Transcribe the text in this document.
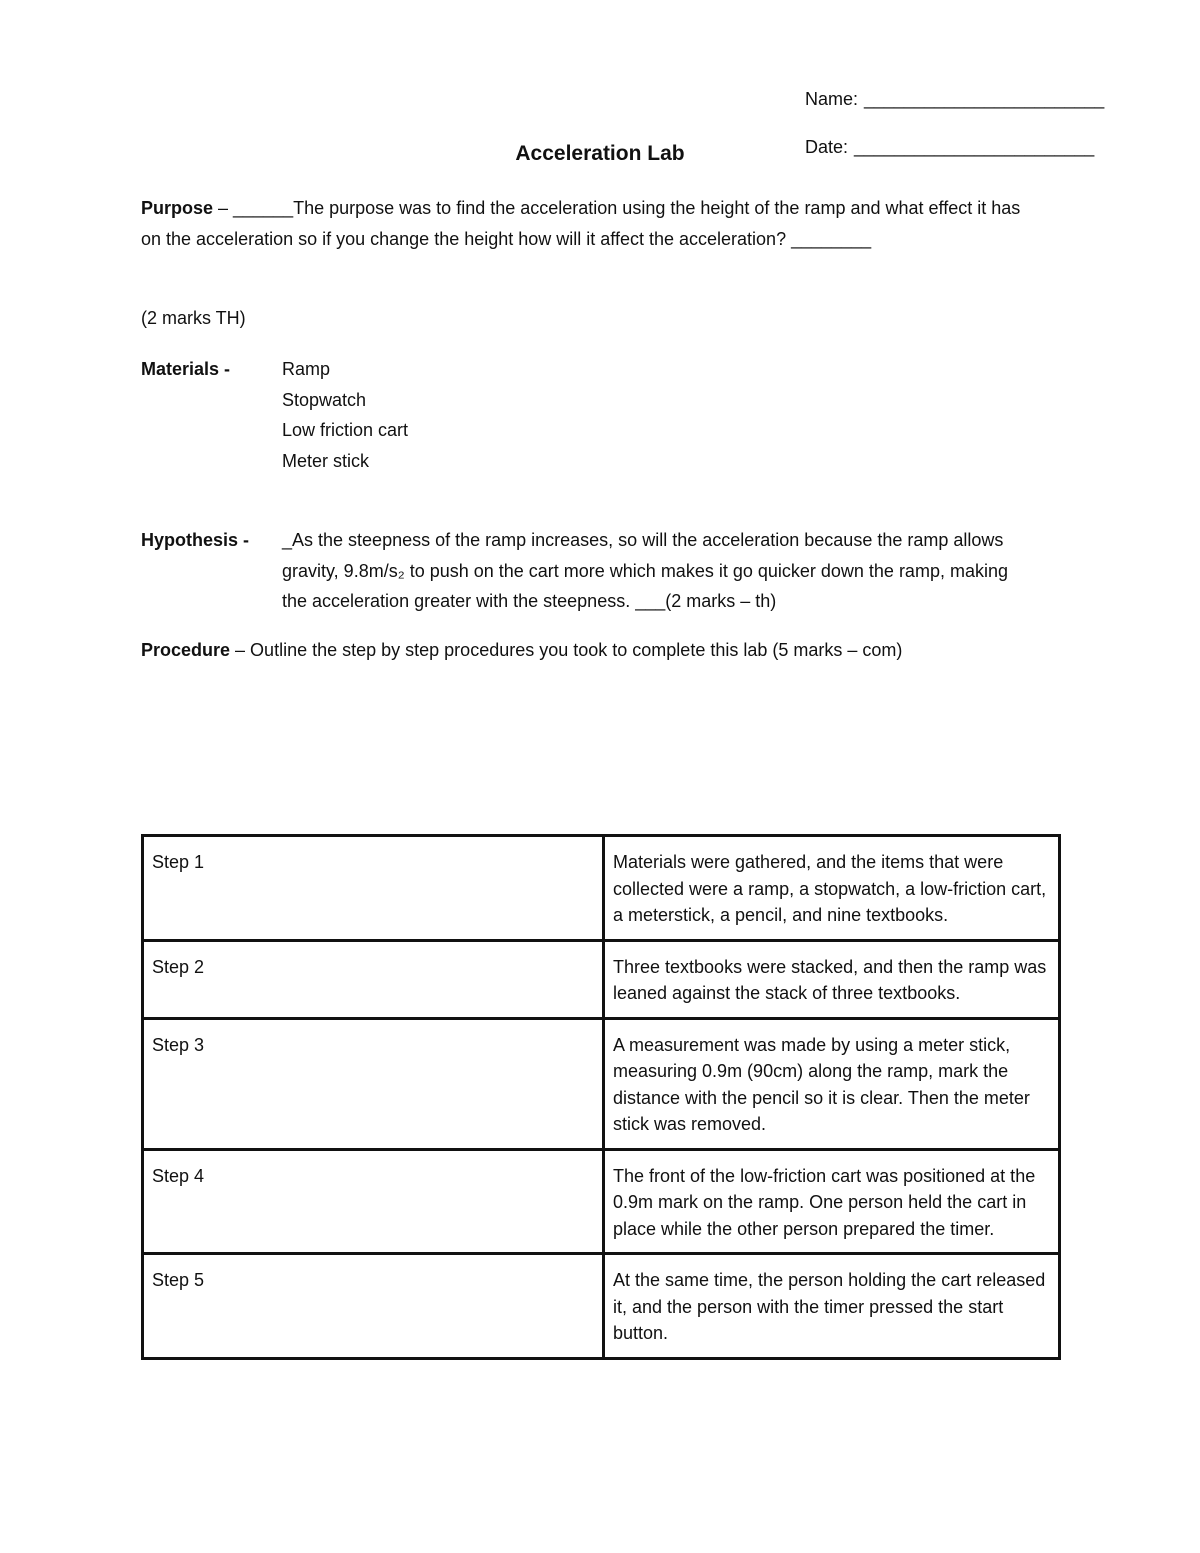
Name: ________________________
Date: ________________________
Acceleration Lab
Purpose – ______The purpose was to find the acceleration using the height of the ramp and what effect it has on the acceleration so if you change the height how will it affect the acceleration? ________
(2 marks TH)
Materials -	Ramp
Stopwatch
Low friction cart
Meter stick
Hypothesis - _As the steepness of the ramp increases, so will the acceleration because the ramp allows gravity, 9.8m/s₂ to push on the cart more which makes it go quicker down the ramp, making the acceleration greater with the steepness. ___(2 marks – th)
Procedure – Outline the step by step procedures you took to complete this lab (5 marks – com)
Step 1	Materials were gathered, and the items that were collected were a ramp, a stopwatch, a low-friction cart, a meterstick, a pencil, and nine textbooks.
Step 2	Three textbooks were stacked, and then the ramp was leaned against the stack of three textbooks.
Step 3	A measurement was made by using a meter stick, measuring 0.9m (90cm) along the ramp, mark the distance with the pencil so it is clear. Then the meter stick was removed.
Step 4	The front of the low-friction cart was positioned at the 0.9m mark on the ramp. One person held the cart in place while the other person prepared the timer.
Step 5	At the same time, the person holding the cart released it, and the person with the timer pressed the start button.
